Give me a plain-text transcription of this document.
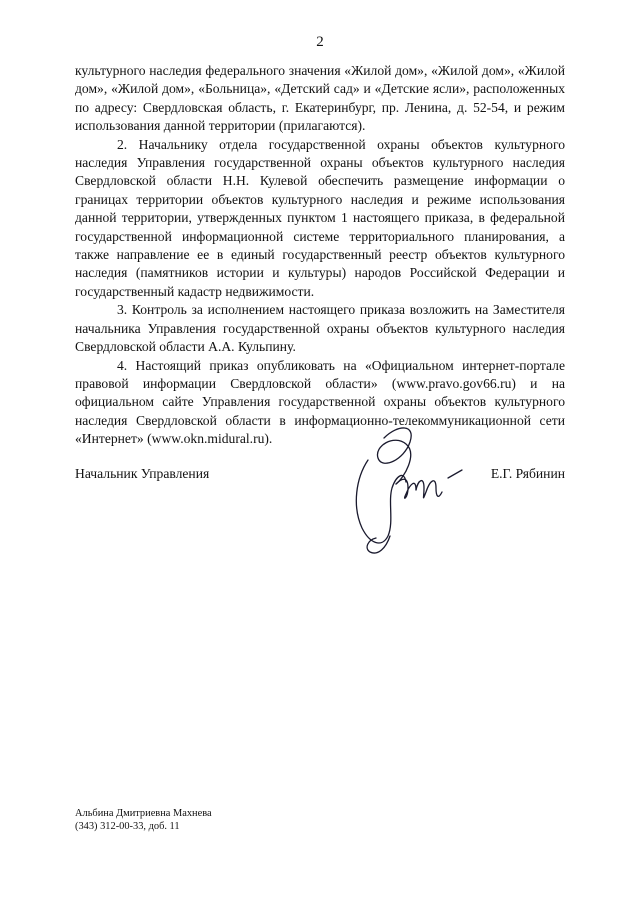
2

культурного наследия федерального значения «Жилой дом», «Жилой дом», «Жилой дом», «Жилой дом», «Больница», «Детский сад» и «Детские ясли», расположенных по адресу: Свердловская область, г. Екатеринбург, пр. Ленина, д. 52-54, и режим использования данной территории (прилагаются).

2. Начальнику отдела государственной охраны объектов культурного наследия Управления государственной охраны объектов культурного наследия Свердловской области Н.Н. Кулевой обеспечить размещение информации о границах территории объектов культурного наследия и режиме использования данной территории, утвержденных пунктом 1 настоящего приказа, в федеральной государственной информационной системе территориального планирования, а также направление ее в единый государственный реестр объектов культурного наследия (памятников истории и культуры) народов Российской Федерации и государственный кадастр недвижимости.

3. Контроль за исполнением настоящего приказа возложить на Заместителя начальника Управления государственной охраны объектов культурного наследия Свердловской области А.А. Кульпину.

4. Настоящий приказ опубликовать на «Официальном интернет-портале правовой информации Свердловской области» (www.pravo.gov66.ru) и на официальном сайте Управления государственной охраны объектов культурного наследия Свердловской области в информационно-телекоммуникационной сети «Интернет» (www.okn.midural.ru).

Начальник Управления	Е.Г. Рябинин
Альбина Дмитриевна Махнева
(343) 312-00-33, доб. 11
